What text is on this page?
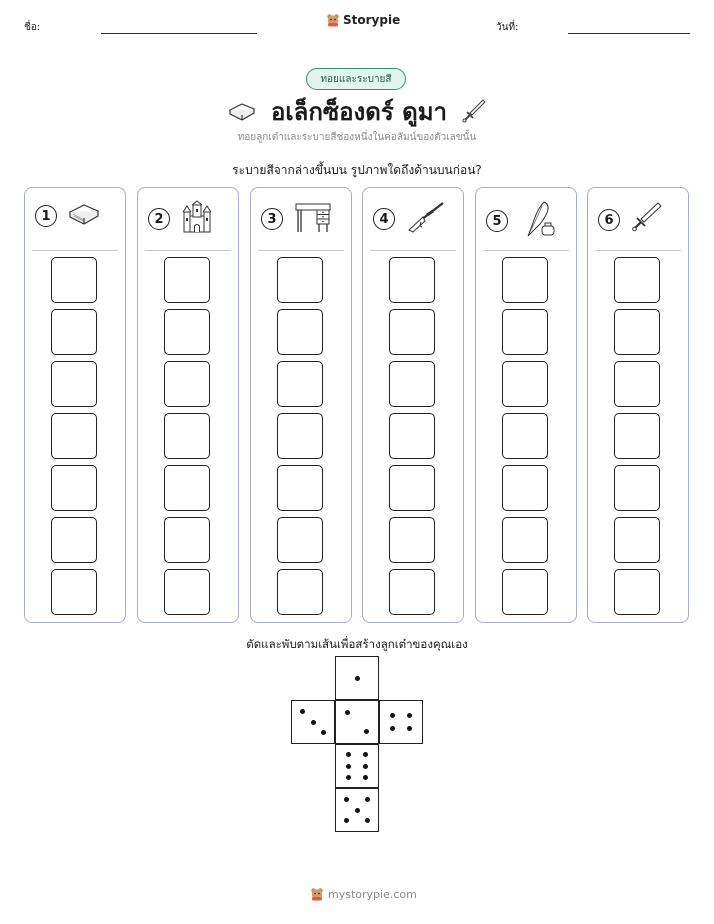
ชื่อ:
Storypie
วันที่:
ทอยและระบายสี
อเล็กซ็องดร์ ดูมา
ทอยลูกเต๋าและระบายสีช่องหนึ่งในคอลัมน์ของตัวเลขนั้น
ระบายสีจากล่างขึ้นบน รูปภาพใดถึงด้านบนก่อน?
1	2	3	4	5	6
ตัดและพับตามเส้นเพื่อสร้างลูกเต๋าของคุณเอง
mystorypie.com
